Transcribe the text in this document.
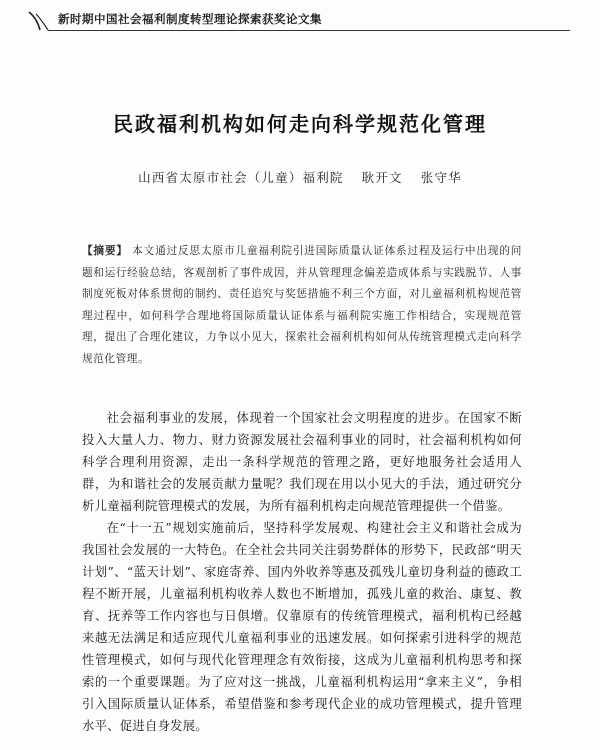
新时期中国社会福利制度转型理论探索获奖论文集
民政福利机构如何走向科学规范化管理
山西省太原市社会（儿童）福利院 耿开文 张守华
【摘要】 本文通过反思太原市儿童福利院引进国际质量认证体系过程及运行中出现的问题和运行经验总结，客观剖析了事件成因，并从管理理念偏差造成体系与实践脱节、人事制度死板对体系贯彻的制约、责任追究与奖惩措施不利三个方面，对儿童福利机构规范管理过程中，如何科学合理地将国际质量认证体系与福利院实施工作相结合，实现规范管理，提出了合理化建议，力争以小见大，探索社会福利机构如何从传统管理模式走向科学规范化管理。

社会福利事业的发展，体现着一个国家社会文明程度的进步。在国家不断投入大量人力、物力、财力资源发展社会福利事业的同时，社会福利机构如何科学合理利用资源，走出一条科学规范的管理之路，更好地服务社会适用人群，为和谐社会的发展贡献力量呢？我们现在用以小见大的手法，通过研究分析儿童福利院管理模式的发展，为所有福利机构走向规范管理提供一个借鉴。

在“十一五”规划实施前后，坚持科学发展观、构建社会主义和谐社会成为我国社会发展的一大特色。在全社会共同关注弱势群体的形势下，民政部“明天计划”、“蓝天计划”、家庭寄养、国内外收养等惠及孤残儿童切身利益的德政工程不断开展，儿童福利机构收养人数也不断增加，孤残儿童的救治、康复、教育、抚养等工作内容也与日俱增。仅靠原有的传统管理模式，福利机构已经越来越无法满足和适应现代儿童福利事业的迅速发展。如何探索引进科学的规范性管理模式，如何与现代化管理理念有效衔接，这成为儿童福利机构思考和探索的一个重要课题。为了应对这一挑战，儿童福利机构运用“拿来主义”，争相引入国际质量认证体系，希望借鉴和参考现代企业的成功管理模式，提升管理水平、促进自身发展。
